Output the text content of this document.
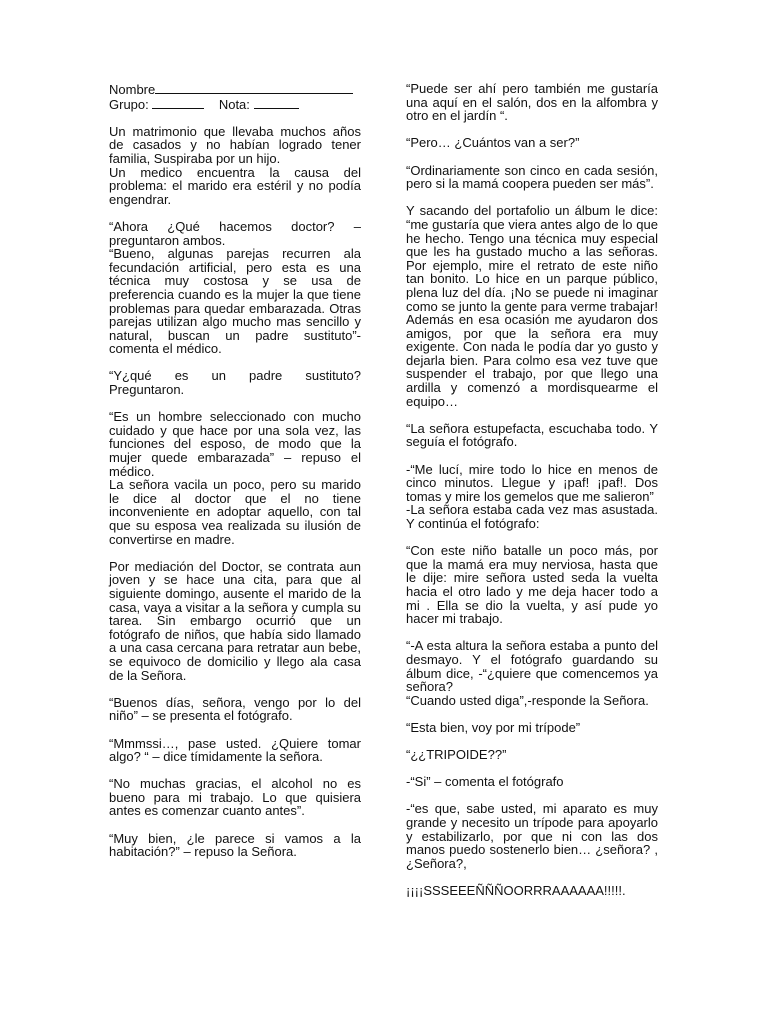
Nombre

Grupo:	Nota:

Un matrimonio que llevaba muchos años de casados y no habían logrado tener familia, Suspiraba por un hijo.

Un medico encuentra la causa del problema: el marido era estéril y no podía engendrar.

“Ahora ¿Qué hacemos doctor? – preguntaron ambos.

“Bueno, algunas parejas recurren ala fecundación artificial, pero esta es una técnica muy costosa y se usa de preferencia cuando es la mujer la que tiene problemas para quedar embarazada. Otras parejas utilizan algo mucho mas sencillo y natural, buscan un padre sustituto”- comenta el médico.

“Y¿qué es un padre sustituto? Preguntaron.

“Es un hombre seleccionado con mucho cuidado y que hace por una sola vez, las funciones del esposo, de modo que la mujer quede embarazada” – repuso el médico.

La señora vacila un poco, pero su marido le dice al doctor que el no tiene inconveniente en adoptar aquello, con tal que su esposa vea realizada su ilusión de convertirse en madre.

Por mediación del Doctor, se contrata aun joven y se hace una cita, para que al siguiente domingo, ausente el marido de la casa, vaya a visitar a la señora y cumpla su tarea. Sin embargo ocurrió que un fotógrafo de niños, que había sido llamado a una casa cercana para retratar aun bebe, se equivoco de domicilio y llego ala casa de la Señora.

“Buenos días, señora, vengo por lo del niño” – se presenta el fotógrafo.

“Mmmssi…, pase usted. ¿Quiere tomar algo? “ – dice tímidamente la señora.

“No muchas gracias, el alcohol no es bueno para mi trabajo. Lo que quisiera antes es comenzar cuanto antes”.

“Muy bien, ¿le parece si vamos a la habitación?” – repuso la Señora.

“Puede ser ahí pero también me gustaría una aquí en el salón, dos en la alfombra y otro en el jardín “.

“Pero… ¿Cuántos van a ser?”

“Ordinariamente son cinco en cada sesión, pero si la mamá coopera pueden ser más”.

Y sacando del portafolio un álbum le dice: “me gustaría que viera antes algo de lo que he hecho. Tengo una técnica muy especial que les ha gustado mucho a las señoras. Por ejemplo, mire el retrato de este niño tan bonito. Lo hice en un parque público, plena luz del día. ¡No se puede ni imaginar como se junto la gente para verme trabajar! Además en esa ocasión me ayudaron dos amigos, por que la señora era muy exigente. Con nada le podía dar yo gusto y dejarla bien. Para colmo esa vez tuve que suspender el trabajo, por que llego una ardilla y comenzó a mordisquearme el equipo…

“La señora estupefacta, escuchaba todo. Y seguía el fotógrafo.

-“Me lucí, mire todo lo hice en menos de cinco minutos. Llegue y ¡paf! ¡paf!. Dos tomas y mire los gemelos que me salieron”

-La señora estaba cada vez mas asustada. Y continúa el fotógrafo:

“Con este niño batalle un poco más, por que la mamá era muy nerviosa, hasta que le dije: mire señora usted seda la vuelta hacia el otro lado y me deja hacer todo a mi . Ella se dio la vuelta, y así pude yo hacer mi trabajo.

“-A esta altura la señora estaba a punto del desmayo. Y el fotógrafo guardando su álbum dice, -“¿quiere que comencemos ya señora?

“Cuando usted diga”,-responde la Señora.

“Esta bien, voy por mi trípode”

“¿¿TRIPOIDE??”

-“Si” – comenta el fotógrafo

-“es que, sabe usted, mi aparato es muy grande y necesito un trípode para apoyarlo y estabilizarlo, por que ni con las dos manos puedo sostenerlo bien… ¿señora? , ¿Señora?,

¡¡¡¡SSSEEEÑÑÑOORRRAAAAAA!!!!!.
